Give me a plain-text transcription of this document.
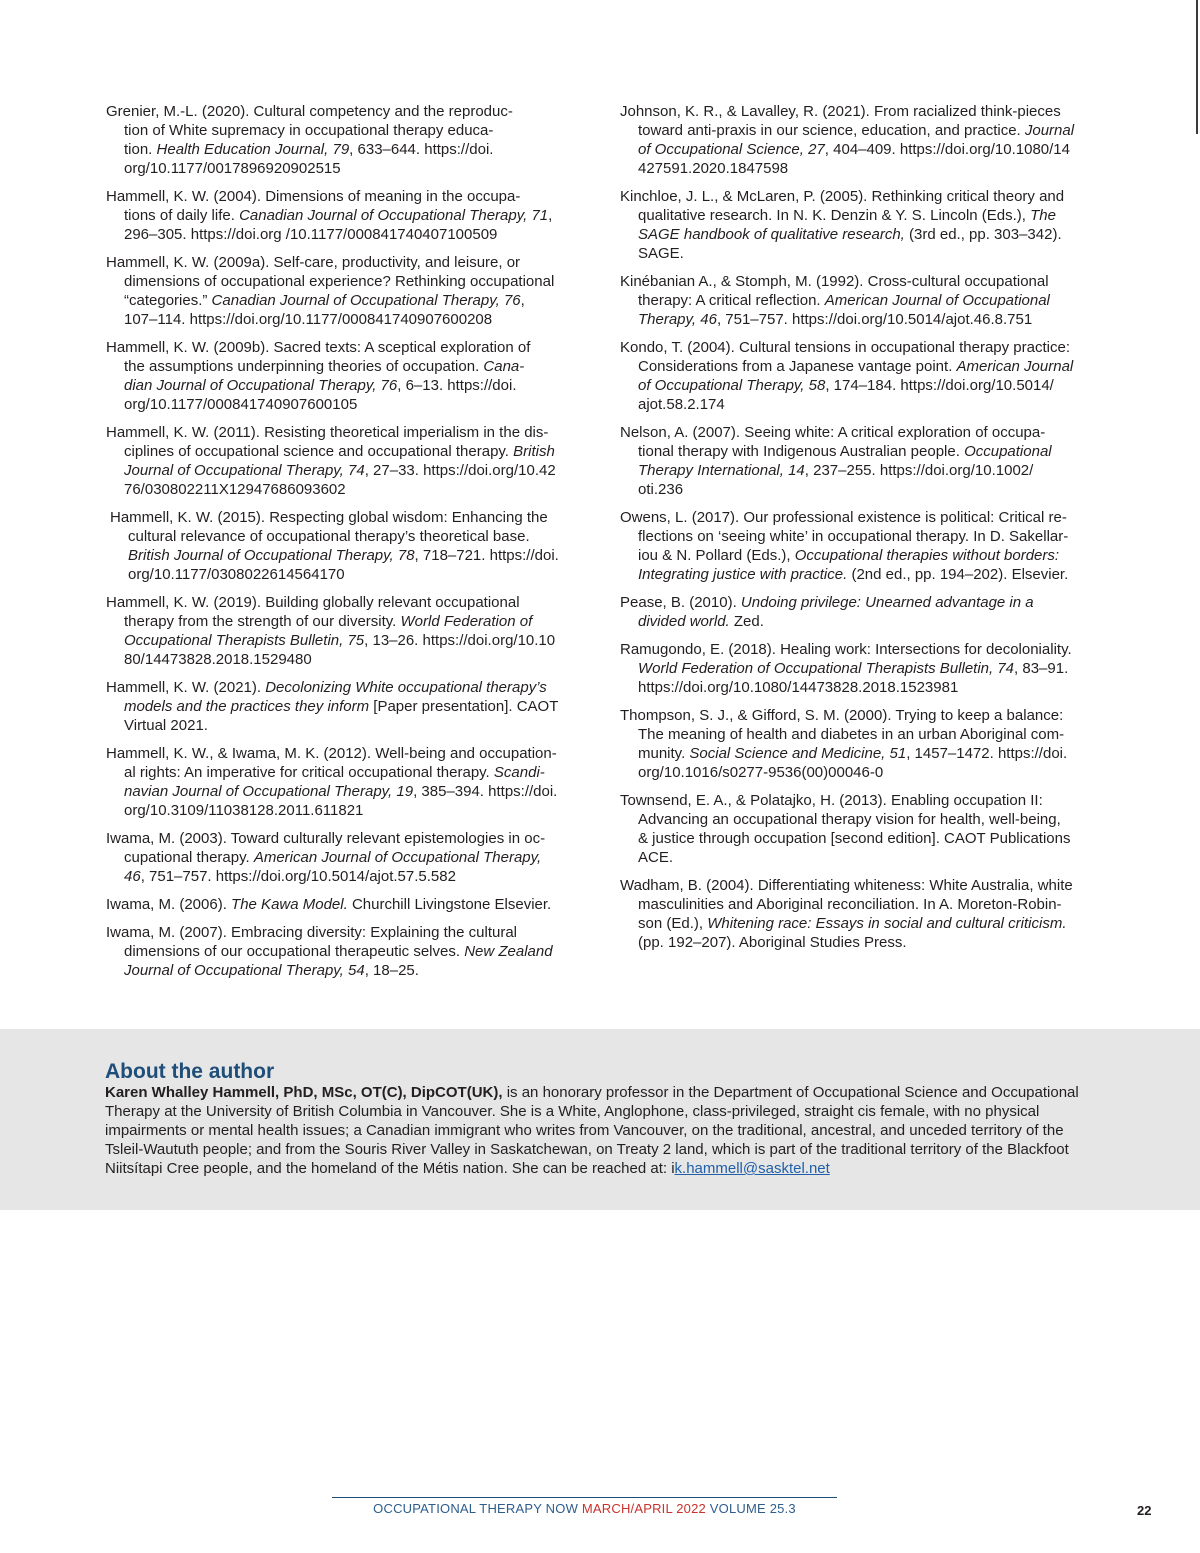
Grenier, M.-L. (2020). Cultural competency and the reproduc-
tion of White supremacy in occupational therapy educa-
tion. Health Education Journal, 79, 633–644. https://doi.
org/10.1177/0017896920902515

Hammell, K. W. (2004). Dimensions of meaning in the occupa-
tions of daily life. Canadian Journal of Occupational Therapy, 71,
296–305. https://doi.org /10.1177/000841740407100509

Hammell, K. W. (2009a). Self-care, productivity, and leisure, or
dimensions of occupational experience? Rethinking occupational
“categories.” Canadian Journal of Occupational Therapy, 76,
107–114. https://doi.org/10.1177/000841740907600208

Hammell, K. W. (2009b). Sacred texts: A sceptical exploration of
the assumptions underpinning theories of occupation. Cana-
dian Journal of Occupational Therapy, 76, 6–13. https://doi.
org/10.1177/000841740907600105

Hammell, K. W. (2011). Resisting theoretical imperialism in the dis-
ciplines of occupational science and occupational therapy. British
Journal of Occupational Therapy, 74, 27–33. https://doi.org/10.42
76/030802211X12947686093602

Hammell, K. W. (2015). Respecting global wisdom: Enhancing the
cultural relevance of occupational therapy’s theoretical base.
British Journal of Occupational Therapy, 78, 718–721. https://doi.
org/10.1177/0308022614564170

Hammell, K. W. (2019). Building globally relevant occupational
therapy from the strength of our diversity. World Federation of
Occupational Therapists Bulletin, 75, 13–26. https://doi.org/10.10
80/14473828.2018.1529480

Hammell, K. W. (2021). Decolonizing White occupational therapy’s
models and the practices they inform [Paper presentation]. CAOT
Virtual 2021.

Hammell, K. W., & Iwama, M. K. (2012). Well-being and occupation-
al rights: An imperative for critical occupational therapy. Scandi-
navian Journal of Occupational Therapy, 19, 385–394. https://doi.
org/10.3109/11038128.2011.611821

Iwama, M. (2003). Toward culturally relevant epistemologies in oc-
cupational therapy. American Journal of Occupational Therapy,
46, 751–757. https://doi.org/10.5014/ajot.57.5.582

Iwama, M. (2006). The Kawa Model. Churchill Livingstone Elsevier.

Iwama, M. (2007). Embracing diversity: Explaining the cultural
dimensions of our occupational therapeutic selves. New Zealand
Journal of Occupational Therapy, 54, 18–25.

Johnson, K. R., & Lavalley, R. (2021). From racialized think-pieces
toward anti-praxis in our science, education, and practice. Journal
of Occupational Science, 27, 404–409. https://doi.org/10.1080/14
427591.2020.1847598

Kinchloe, J. L., & McLaren, P. (2005). Rethinking critical theory and
qualitative research. In N. K. Denzin & Y. S. Lincoln (Eds.), The
SAGE handbook of qualitative research, (3rd ed., pp. 303–342).
SAGE.

Kinébanian A., & Stomph, M. (1992). Cross-cultural occupational
therapy: A critical reflection. American Journal of Occupational
Therapy, 46, 751–757. https://doi.org/10.5014/ajot.46.8.751

Kondo, T. (2004). Cultural tensions in occupational therapy practice:
Considerations from a Japanese vantage point. American Journal
of Occupational Therapy, 58, 174–184. https://doi.org/10.5014/
ajot.58.2.174

Nelson, A. (2007). Seeing white: A critical exploration of occupa-
tional therapy with Indigenous Australian people. Occupational
Therapy International, 14, 237–255. https://doi.org/10.1002/
oti.236

Owens, L. (2017). Our professional existence is political: Critical re-
flections on ‘seeing white’ in occupational therapy. In D. Sakellar-
iou & N. Pollard (Eds.), Occupational therapies without borders:
Integrating justice with practice. (2nd ed., pp. 194–202). Elsevier.

Pease, B. (2010). Undoing privilege: Unearned advantage in a
divided world. Zed.

Ramugondo, E. (2018). Healing work: Intersections for decoloniality.
World Federation of Occupational Therapists Bulletin, 74, 83–91.
https://doi.org/10.1080/14473828.2018.1523981

Thompson, S. J., & Gifford, S. M. (2000). Trying to keep a balance:
The meaning of health and diabetes in an urban Aboriginal com-
munity. Social Science and Medicine, 51, 1457–1472. https://doi.
org/10.1016/s0277-9536(00)00046-0

Townsend, E. A., & Polatajko, H. (2013). Enabling occupation II:
Advancing an occupational therapy vision for health, well-being,
& justice through occupation [second edition]. CAOT Publications
ACE.

Wadham, B. (2004). Differentiating whiteness: White Australia, white
masculinities and Aboriginal reconciliation. In A. Moreton-Robin-
son (Ed.), Whitening race: Essays in social and cultural criticism.
(pp. 192–207). Aboriginal Studies Press.

About the author
Karen Whalley Hammell, PhD, MSc, OT(C), DipCOT(UK), is an honorary professor in the Department of Occupational Science and Occupational
Therapy at the University of British Columbia in Vancouver. She is a White, Anglophone, class-privileged, straight cis female, with no physical
impairments or mental health issues; a Canadian immigrant who writes from Vancouver, on the traditional, ancestral, and unceded territory of the
Tsleil-Waututh people; and from the Souris River Valley in Saskatchewan, on Treaty 2 land, which is part of the traditional territory of the Blackfoot
Niitsítapi Cree people, and the homeland of the Métis nation. She can be reached at: ik.hammell@sasktel.net
OCCUPATIONAL THERAPY NOW MARCH/APRIL 2022 VOLUME 25.3	22
